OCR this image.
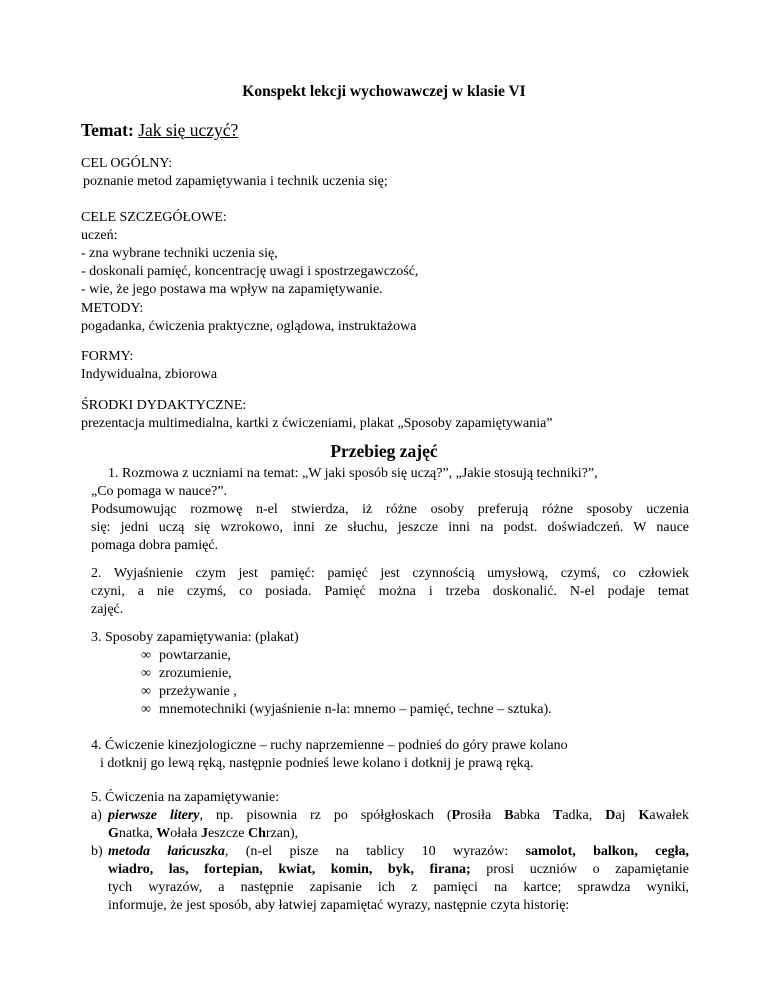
Konspekt lekcji wychowawczej w klasie VI
Temat: Jak się uczyć?
CEL OGÓLNY:
poznanie metod zapamiętywania i technik uczenia się;
CELE SZCZEGÓŁOWE:
uczeń:
- zna wybrane techniki uczenia się,
- doskonali pamięć, koncentrację uwagi i spostrzegawczość,
- wie, że jego postawa ma wpływ na zapamiętywanie.
METODY:
pogadanka, ćwiczenia praktyczne, oglądowa, instruktażowa
FORMY:
Indywidualna, zbiorowa
ŚRODKI DYDAKTYCZNE:
prezentacja multimedialna, kartki z ćwiczeniami, plakat „Sposoby zapamiętywania”
Przebieg zajęć
1. Rozmowa z uczniami na temat: „W jaki sposób się uczą?”, „Jakie stosują techniki?”,
„Co pomaga w nauce?”.
Podsumowując rozmowę n-el stwierdza, iż różne osoby preferują różne sposoby uczenia
się: jedni uczą się wzrokowo, inni ze słuchu, jeszcze inni na podst. doświadczeń. W nauce
pomaga dobra pamięć.
2. Wyjaśnienie czym jest pamięć: pamięć jest czynnością umysłową, czymś, co człowiek
czyni, a nie czymś, co posiada. Pamięć można i trzeba doskonalić. N-el podaje temat
zajęć.
3. Sposoby zapamiętywania: (plakat)
∞ powtarzanie,
∞ zrozumienie,
∞ przeżywanie ,
∞ mnemotechniki (wyjaśnienie n-la: mnemo – pamięć, techne – sztuka).
4. Ćwiczenie kinezjologiczne – ruchy naprzemienne – podnieś do góry prawe kolano
i dotknij go lewą ręką, następnie podnieś lewe kolano i dotknij je prawą ręką.
5. Ćwiczenia na zapamiętywanie:
a) pierwsze litery, np. pisownia rz po spółgłoskach (Prosiła Babka Tadka, Daj Kawałek
Gnatka, Wołała Jeszcze Chrzan),
b) metoda łańcuszka, (n-el pisze na tablicy 10 wyrazów: samolot, balkon, cegła,
wiadro, las, fortepian, kwiat, komin, byk, firana; prosi uczniów o zapamiętanie
tych wyrazów, a następnie zapisanie ich z pamięci na kartce; sprawdza wyniki,
informuje, że jest sposób, aby łatwiej zapamiętać wyrazy, następnie czyta historię:
